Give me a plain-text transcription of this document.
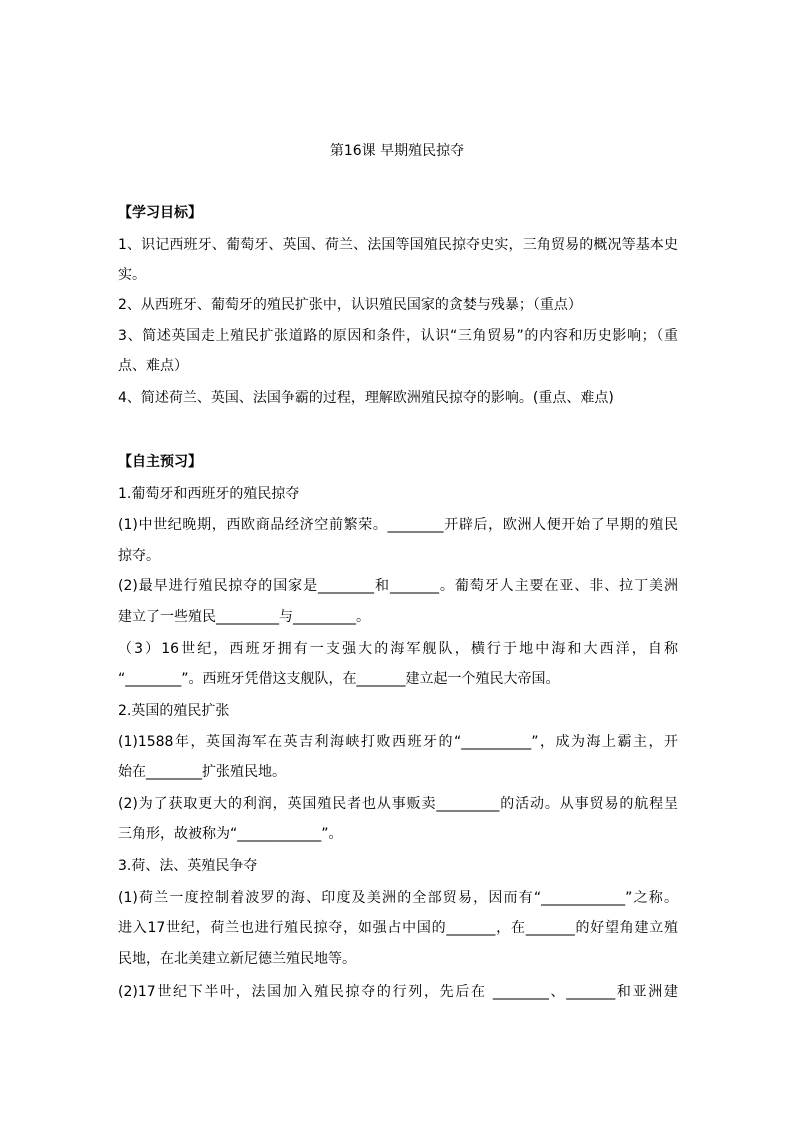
第16课 早期殖民掠夺
【学习目标】
1、识记西班牙、葡萄牙、英国、荷兰、法国等国殖民掠夺史实，三角贸易的概况等基本史
实。
2、从西班牙、葡萄牙的殖民扩张中，认识殖民国家的贪婪与残暴；（重点）
3、简述英国走上殖民扩张道路的原因和条件，认识“三角贸易”的内容和历史影响；（重
点、难点）
4、简述荷兰、英国、法国争霸的过程，理解欧洲殖民掠夺的影响。(重点、难点)
【自主预习】
1.葡萄牙和西班牙的殖民掠夺
(1)中世纪晚期，西欧商品经济空前繁荣。________开辟后，欧洲人便开始了早期的殖民
掠夺。
(2)最早进行殖民掠夺的国家是________和_______。葡萄牙人主要在亚、非、拉丁美洲
建立了一些殖民_________与_________。
（3）16世纪，西班牙拥有一支强大的海军舰队，横行于地中海和大西洋，自称
“________”。西班牙凭借这支舰队，在_______建立起一个殖民大帝国。
2.英国的殖民扩张
(1)1588年，英国海军在英吉利海峡打败西班牙的“__________”，成为海上霸主，开
始在________扩张殖民地。
(2)为了获取更大的利润，英国殖民者也从事贩卖_________的活动。从事贸易的航程呈
三角形，故被称为“____________”。
3.荷、法、英殖民争夺
(1)荷兰一度控制着波罗的海、印度及美洲的全部贸易，因而有“____________”之称。
进入17世纪，荷兰也进行殖民掠夺，如强占中国的_______，在_______的好望角建立殖
民地，在北美建立新尼德兰殖民地等。
(2)17世纪下半叶，法国加入殖民掠夺的行列，先后在 ________、_______和亚洲建
